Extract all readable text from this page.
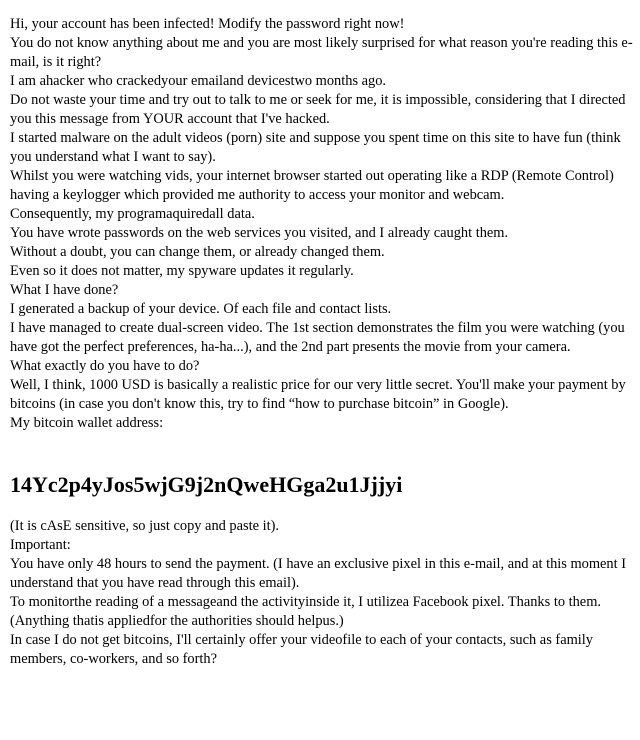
Hi, your account has been infected! Modify the password right now!
You do not know anything about me and you are most likely surprised for what reason you're reading this e-mail, is it right?
I am ahacker who crackedyour emailand devicestwo months ago.
Do not waste your time and try out to talk to me or seek for me, it is impossible, considering that I directed you this message from YOUR account that I've hacked.
I started malware on the adult videos (porn) site and suppose you spent time on this site to have fun (think you understand what I want to say).
Whilst you were watching vids, your internet browser started out operating like a RDP (Remote Control) having a keylogger which provided me authority to access your monitor and webcam.
Consequently, my programaquiredall data.
You have wrote passwords on the web services you visited, and I already caught them.
Without a doubt, you can change them, or already changed them.
Even so it does not matter, my spyware updates it regularly.
What I have done?
I generated a backup of your device. Of each file and contact lists.
I have managed to create dual-screen video. The 1st section demonstrates the film you were watching (you have got the perfect preferences, ha-ha...), and the 2nd part presents the movie from your camera.
What exactly do you have to do?
Well, I think, 1000 USD is basically a realistic price for our very little secret. You'll make your payment by bitcoins (in case you don't know this, try to find “how to purchase bitcoin” in Google).
My bitcoin wallet address:
14Yc2p4yJos5wjG9j2nQweHGga2u1Jjjyi
(It is cAsE sensitive, so just copy and paste it).
Important:
You have only 48 hours to send the payment. (I have an exclusive pixel in this e-mail, and at this moment I understand that you have read through this email).
To monitorthe reading of a messageand the activityinside it, I utilizea Facebook pixel. Thanks to them. (Anything thatis appliedfor the authorities should helpus.)
In case I do not get bitcoins, I'll certainly offer your videofile to each of your contacts, such as family members, co-workers, and so forth?
